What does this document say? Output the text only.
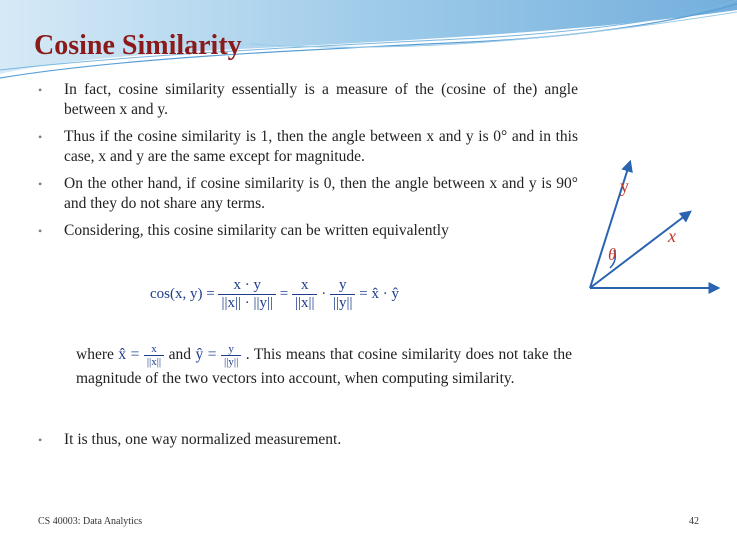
Cosine Similarity
• In fact, cosine similarity essentially is a measure of the (cosine of the) angle between x and y.
• Thus if the cosine similarity is 1, then the angle between x and y is 0° and in this case, x and y are the same except for magnitude.
• On the other hand, if cosine similarity is 0, then the angle between x and y is 90° and they do not share any terms.
• Considering, this cosine similarity can be written equivalently
cos(x, $y) = \frac{x \cdot y}{||x|| \cdot ||y||} = \frac{x}{||x||} \cdot \frac{y}{||y||}$ = x̂ · ŷ
where x̂ = $\frac{x}{||x||}$ and ŷ = $\frac{y}{||y||}$ . This means that cosine similarity does not take the magnitude of the two vectors into account, when computing similarity.
• It is thus, one way normalized measurement.
y
x
θ
CS 40003: Data Analytics	42
